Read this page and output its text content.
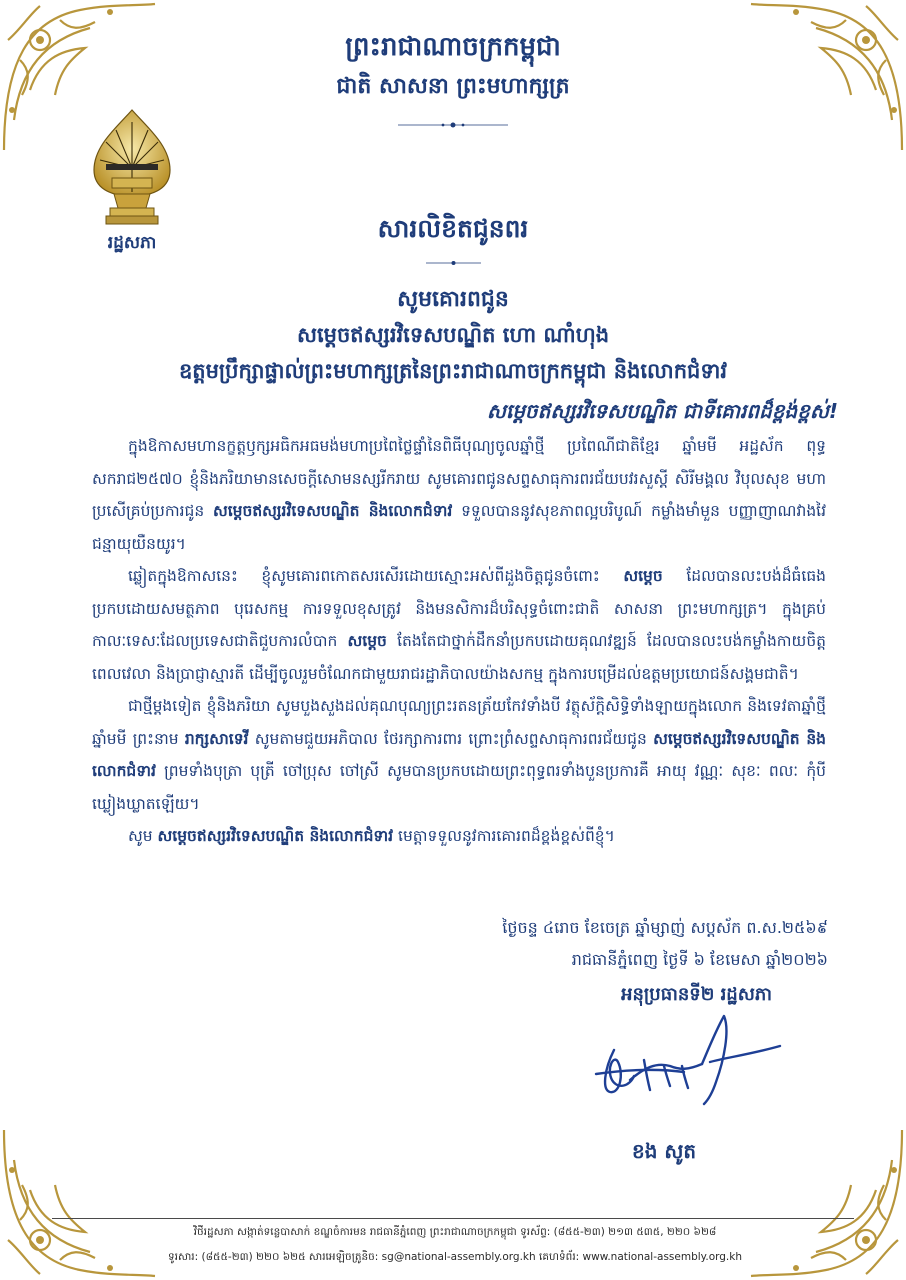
ព្រះរាជាណាចក្រកម្ពុជា
ជាតិ សាសនា ព្រះមហាក្សត្រ
រដ្ឋសភា	សារលិខិតជូនពរ
សូមគោរពជូន
សម្តេចឥស្សរវិទេសបណ្ឌិត ហោ ណាំហុង
ឧត្តមប្រឹក្សាផ្ទាល់ព្រះមហាក្សត្រនៃព្រះរាជាណាចក្រកម្ពុជា និងលោកជំទាវ
សម្តេចឥស្សរវិទេសបណ្ឌិត ជាទីគោរពដ៏ខ្ពង់ខ្ពស់!

ក្នុងឱកាសមហានក្ខត្តឫក្សអធិកអធមង់មហាប្រពៃថ្លៃផ្ទាំនៃពិធីបុណ្យចូលឆ្នាំថ្មី ប្រពៃណីជាតិខ្មែរ ឆ្នាំមមី អដ្ឋស័ក ពុទ្ធសករាជ២៥៧០ ខ្ញុំនិងភរិយាមានសេចក្តីសោមនស្សរីករាយ សូមគោរពជូនសព្ទសាធុការពរជ័យបវរសួស្តី សិរីមង្គល វិបុលសុខ មហាប្រសើគ្រប់ប្រការជូន សម្តេចឥស្សរវិទេសបណ្ឌិត និងលោកជំទាវ ទទួលបាននូវសុខភាពល្អបរិបូណ៍ កម្លាំងមាំមួន បញ្ញាញាណវាងវៃ ជន្មាយុយឺនយូរ។

ឆ្លៀតក្នុងឱកាសនេះ ខ្ញុំសូមគោរពកោតសរសើរដោយស្មោះអស់ពីដួងចិត្តជូនចំពោះ សម្តេច ដែលបានលះបង់ដ៏ធំធេងប្រកបដោយសមត្ថភាព បុរេសកម្ម ការទទួលខុសត្រូវ និងមនសិការដ៏បរិសុទ្ធចំពោះជាតិ សាសនា ព្រះមហាក្សត្រ។ ក្នុងគ្រប់កាលៈទេសៈដែលប្រទេសជាតិជួបការលំបាក សម្តេច តែងតែជាថ្នាក់ដឹកនាំប្រកបដោយគុណវឌ្ឍន៍ ដែលបានលះបង់កម្លាំងកាយចិត្ត ពេលវេលា និងប្រាជ្ញាស្មារតី ដើម្បីចូលរួមចំណែកជាមួយរាជរដ្ឋាភិបាលយ៉ាងសកម្ម ក្នុងការបម្រើដល់ឧត្តមប្រយោជន៍សង្គមជាតិ។

ជាថ្មីម្តងទៀត ខ្ញុំនិងភរិយា សូមបួងសួងដល់គុណបុណ្យព្រះរតនត្រ័យកែវទាំងបី វត្ថុស័ក្តិសិទ្ធិទាំងឡាយក្នុងលោក និងទេវតាឆ្នាំថ្មី ឆ្នាំមមី ព្រះនាម រាក្សសាទេវី សូមតាមជួយអភិបាល ថែរក្សាការពារ ព្រោះព្រំសព្ទសាធុការពរជ័យជូន សម្តេចឥស្សរវិទេសបណ្ឌិត និងលោកជំទាវ ព្រមទាំងបុត្រា បុត្រី ចៅប្រុស ចៅស្រី សូមបានប្រកបដោយព្រះពុទ្ធពរទាំងបួនប្រការគឺ អាយុ វណ្ណៈ សុខៈ ពលៈ កុំបីឃ្លៀងឃ្លាតឡើយ។

សូម សម្តេចឥស្សរវិទេសបណ្ឌិត និងលោកជំទាវ មេត្តាទទួលនូវការគោរពដ៏ខ្ពង់ខ្ពស់ពីខ្ញុំ។

ថ្ងៃចន្ទ ៤រោច ខែចេត្រ ឆ្នាំម្សាញ់ សប្តស័ក ព.ស.២៥៦៩
រាជធានីភ្នំពេញ ថ្ងៃទី ៦ ខែមេសា ឆ្នាំ២០២៦
អនុប្រធានទី២ រដ្ឋសភា
ខង សូត
វិថីរដ្ឋសភា សង្កាត់ទន្លេបាសាក់ ខណ្ឌចំការមន រាជធានីភ្នំពេញ ព្រះរាជាណាចក្រកម្ពុជា ទូរស័ព្ទ: (៨៥៥-២៣) ២១៣ ៥៣៥, ២២០ ៦២៨
ទូរសារ: (៨៥៥-២៣) ២២០ ៦២៥ សារអេឡិចត្រូនិច: sg@national-assembly.org.kh គេហទំព័រ: www.national-assembly.org.kh
